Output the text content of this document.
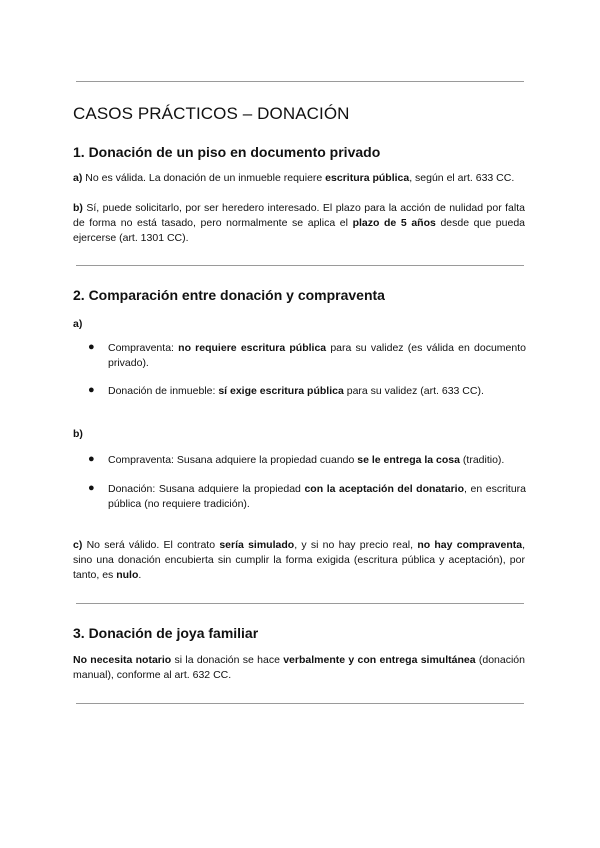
CASOS PRÁCTICOS – DONACIÓN
1. Donación de un piso en documento privado

a) No es válida. La donación de un inmueble requiere escritura pública, según el art. 633 CC.

b) Sí, puede solicitarlo, por ser heredero interesado. El plazo para la acción de nulidad por falta de forma no está tasado, pero normalmente se aplica el plazo de 5 años desde que pueda ejercerse (art. 1301 CC).

2. Comparación entre donación y compraventa
a)
● Compraventa: no requiere escritura pública para su validez (es válida en documento privado).

● Donación de inmueble: sí exige escritura pública para su validez (art. 633 CC).

b)
● Compraventa: Susana adquiere la propiedad cuando se le entrega la cosa (traditio).

● Donación: Susana adquiere la propiedad con la aceptación del donatario, en escritura pública (no requiere tradición).

c) No será válido. El contrato sería simulado, y si no hay precio real, no hay compraventa, sino una donación encubierta sin cumplir la forma exigida (escritura pública y aceptación), por tanto, es nulo.

3. Donación de joya familiar

No necesita notario si la donación se hace verbalmente y con entrega simultánea (donación manual), conforme al art. 632 CC.
